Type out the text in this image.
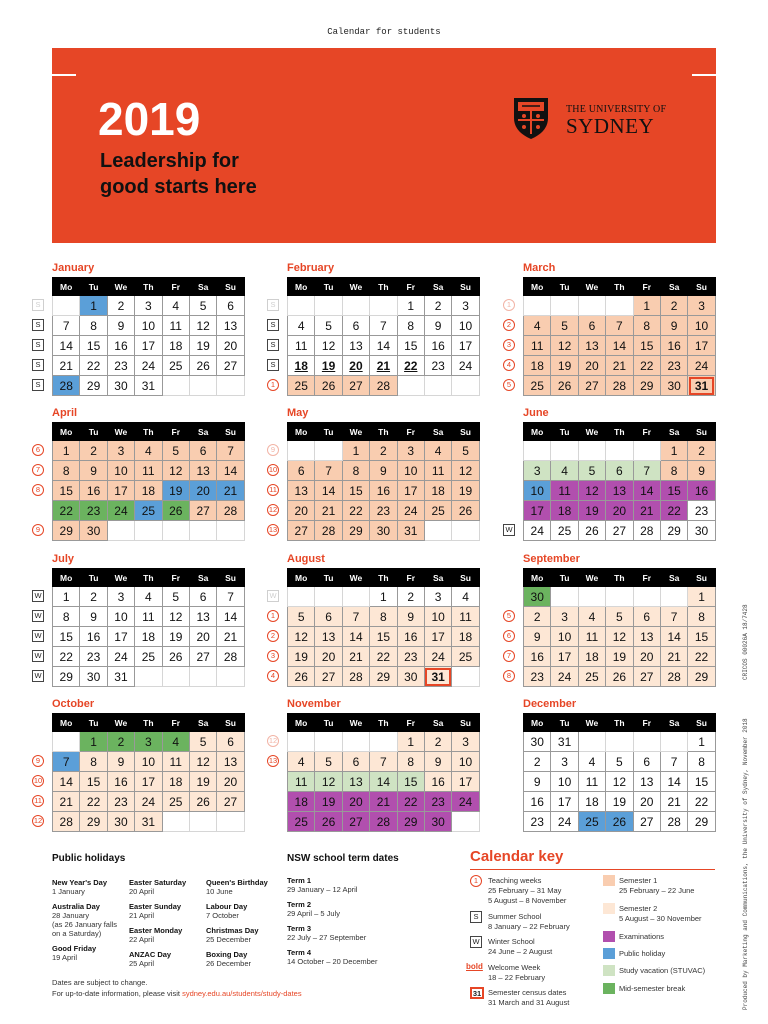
Calendar for students
2019
Leadership for
good starts here
THE UNIVERSITY OF
SYDNEY
January
Mo	Tu	We	Th	Fr	Sa	Su
	1	2	3	4	5	6
7	8	9	10	11	12	13
14	15	16	17	18	19	20
21	22	23	24	25	26	27
28	29	30	31			
S
S
S
S
S
February
Mo	Tu	We	Th	Fr	Sa	Su
				1	2	3
4	5	6	7	8	9	10
11	12	13	14	15	16	17
18	19	20	21	22	23	24
25	26	27	28			
S
S
S
S
1
March
Mo	Tu	We	Th	Fr	Sa	Su
				1	2	3
4	5	6	7	8	9	10
11	12	13	14	15	16	17
18	19	20	21	22	23	24
25	26	27	28	29	30	31
1
2
3
4
5
April
Mo	Tu	We	Th	Fr	Sa	Su
1	2	3	4	5	6	7
8	9	10	11	12	13	14
15	16	17	18	19	20	21
22	23	24	25	26	27	28
29	30					
6
7
8
9
May
Mo	Tu	We	Th	Fr	Sa	Su
		1	2	3	4	5
6	7	8	9	10	11	12
13	14	15	16	17	18	19
20	21	22	23	24	25	26
27	28	29	30	31		
9
10
11
12
13
June
Mo	Tu	We	Th	Fr	Sa	Su
					1	2
3	4	5	6	7	8	9
10	11	12	13	14	15	16
17	18	19	20	21	22	23
24	25	26	27	28	29	30
W
July
Mo	Tu	We	Th	Fr	Sa	Su
1	2	3	4	5	6	7
8	9	10	11	12	13	14
15	16	17	18	19	20	21
22	23	24	25	26	27	28
29	30	31				
W
W
W
W
W
August
Mo	Tu	We	Th	Fr	Sa	Su
			1	2	3	4
5	6	7	8	9	10	11
12	13	14	15	16	17	18
19	20	21	22	23	24	25
26	27	28	29	30	31	
W
1
2
3
4
September
Mo	Tu	We	Th	Fr	Sa	Su
30						1
2	3	4	5	6	7	8
9	10	11	12	13	14	15
16	17	18	19	20	21	22
23	24	25	26	27	28	29
5
6
7
8
October
Mo	Tu	We	Th	Fr	Sa	Su
	1	2	3	4	5	6
7	8	9	10	11	12	13
14	15	16	17	18	19	20
21	22	23	24	25	26	27
28	29	30	31			
9
10
11
12
November
Mo	Tu	We	Th	Fr	Sa	Su
				1	2	3
4	5	6	7	8	9	10
11	12	13	14	15	16	17
18	19	20	21	22	23	24
25	26	27	28	29	30	
12
13
December
Mo	Tu	We	Th	Fr	Sa	Su
30	31					1
2	3	4	5	6	7	8
9	10	11	12	13	14	15
16	17	18	19	20	21	22
23	24	25	26	27	28	29
Public holidays
New Year's Day
1 January
Australia Day
28 January
(as 26 January falls
on a Saturday)
Good Friday
19 April
Easter Saturday
20 April
Easter Sunday
21 April
Easter Monday
22 April
ANZAC Day
25 April
Queen's Birthday
10 June
Labour Day
7 October
Christmas Day
25 December
Boxing Day
26 December
NSW school term dates
Term 1
29 January – 12 April
Term 2
29 April – 5 July
Term 3
22 July – 27 September
Term 4
14 October – 20 December
Dates are subject to change.
For up-to-date information, please visit sydney.edu.au/students/study-dates
Calendar key
1	Teaching weeks
25 February – 31 May
5 August – 8 November
S	Summer School
8 January – 22 February
W	Winter School
24 June – 2 August
bold Welcome Week
18 – 22 February
31 Semester census dates
31 March and 31 August
Semester 1
25 February – 22 June
Semester 2
5 August – 30 November
Examinations
Public holiday
Study vacation (STUVAC)
Mid-semester break
CRICOS 00026A 18/7428
Produced by Marketing and Communications, the University of Sydney, November 2018
